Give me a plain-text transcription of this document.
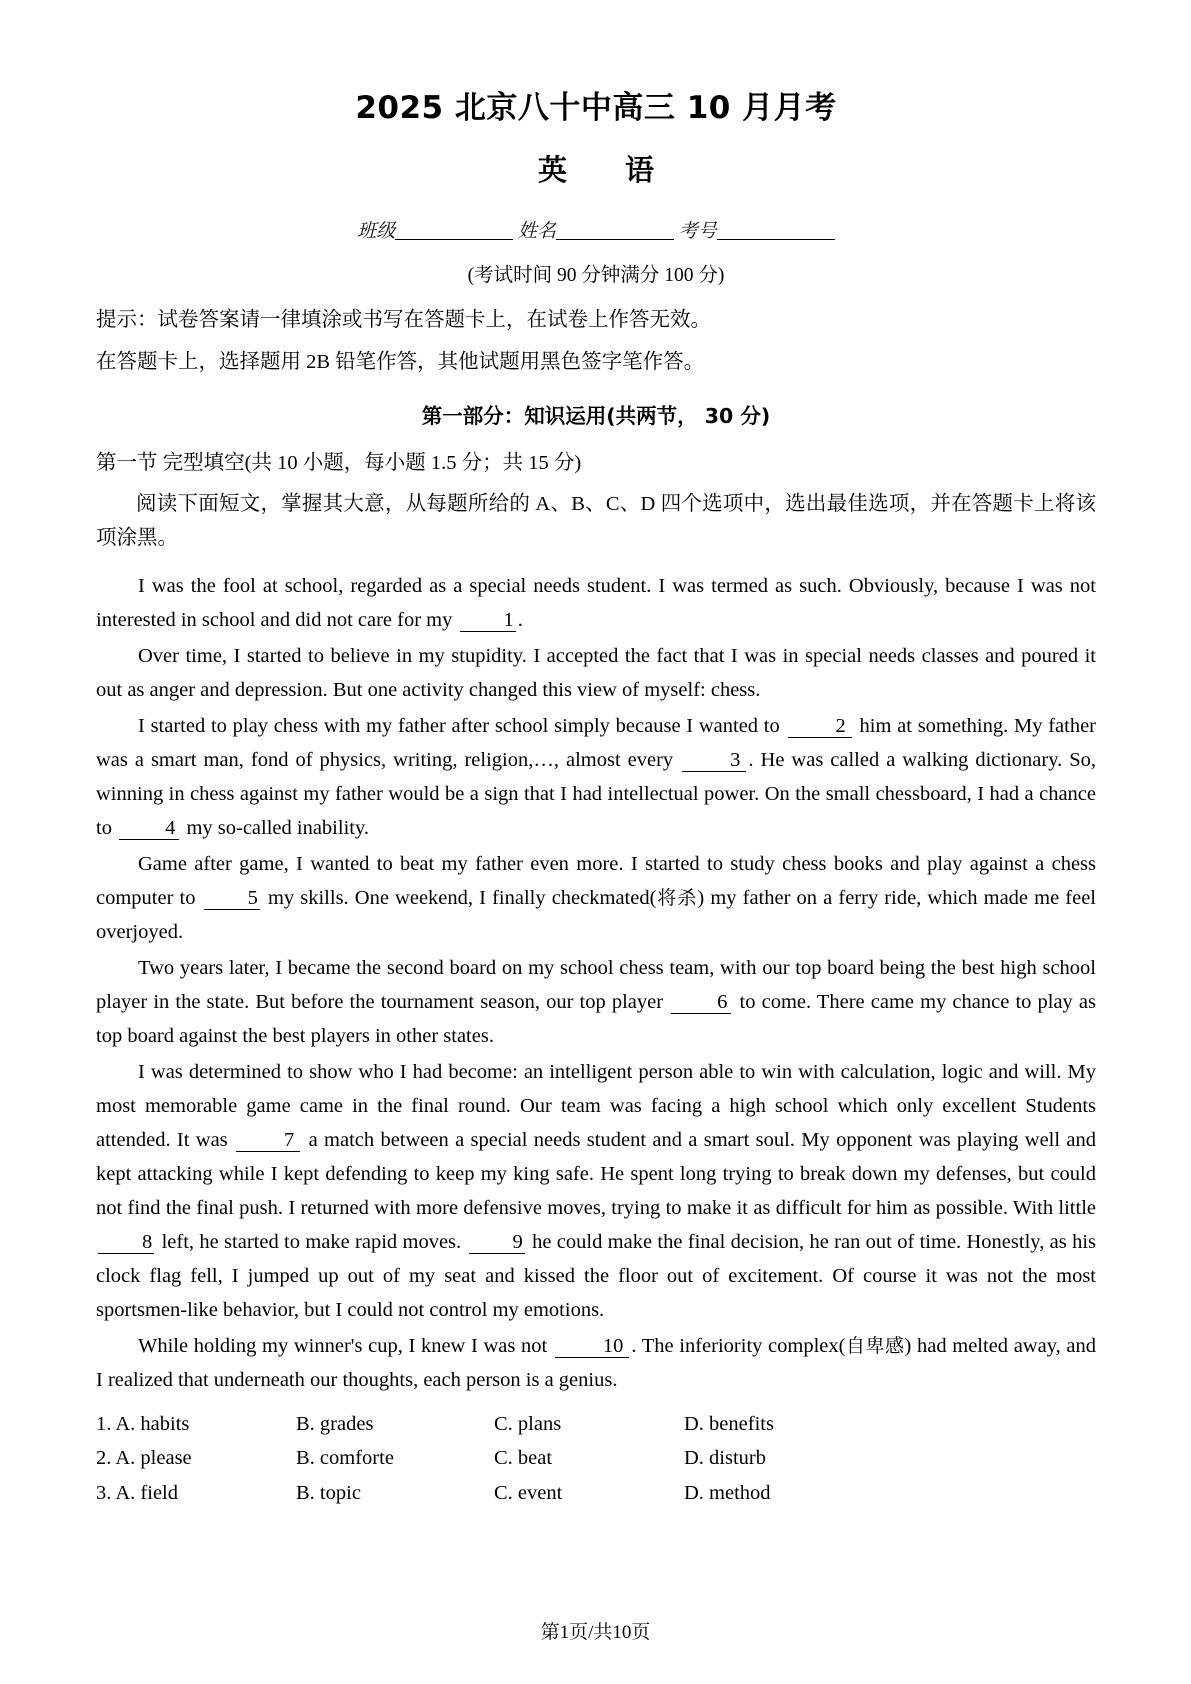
2025 北京八十中高三 10 月月考
英　　语
班级	姓名	考号
(考试时间 90 分钟满分 100 分)
提示：试卷答案请一律填涂或书写在答题卡上，在试卷上作答无效。
在答题卡上，选择题用 2B 铅笔作答，其他试题用黑色签字笔作答。
第一部分：知识运用(共两节， 30 分)
第一节 完型填空(共 10 小题，每小题 1.5 分；共 15 分)
阅读下面短文，掌握其大意，从每题所给的 A、B、C、D 四个选项中，选出最佳选项，并在答题卡上将该项涂黑。

I was the fool at school, regarded as a special needs student. I was termed as such. Obviously, because I was not interested in school and did not care for my 1 .

Over time, I started to believe in my stupidity. I accepted the fact that I was in special needs classes and poured it out as anger and depression. But one activity changed this view of myself: chess.

I started to play chess with my father after school simply because I wanted to 2 him at something. My father was a smart man, fond of physics, writing, religion,…, almost every 3 . He was called a walking dictionary. So, winning in chess against my father would be a sign that I had intellectual power. On the small chessboard, I had a chance to 4 my so-called inability.

Game after game, I wanted to beat my father even more. I started to study chess books and play against a chess computer to 5 my skills. One weekend, I finally checkmated(将杀) my father on a ferry ride, which made me feel overjoyed.

Two years later, I became the second board on my school chess team, with our top board being the best high school player in the state. But before the tournament season, our top player 6 to come. There came my chance to play as top board against the best players in other states.

I was determined to show who I had become: an intelligent person able to win with calculation, logic and will. My most memorable game came in the final round. Our team was facing a high school which only excellent Students attended. It was 7 a match between a special needs student and a smart soul. My opponent was playing well and kept attacking while I kept defending to keep my king safe. He spent long trying to break down my defenses, but could not find the final push. I returned with more defensive moves, trying to make it as difficult for him as possible. With little 8 left, he started to make rapid moves. 9 he could make the final decision, he ran out of time. Honestly, as his clock flag fell, I jumped up out of my seat and kissed the floor out of excitement. Of course it was not the most sportsmen-like behavior, but I could not control my emotions.

While holding my winner's cup, I knew I was not 10 . The inferiority complex(自卑感) had melted away, and I realized that underneath our thoughts, each person is a genius.

1. A. habits	B. grades	C. plans	D. benefits
2. A. please	B. comforte	C. beat	D. disturb
3. A. field	B. topic	C. event	D. method
第1页/共10页
